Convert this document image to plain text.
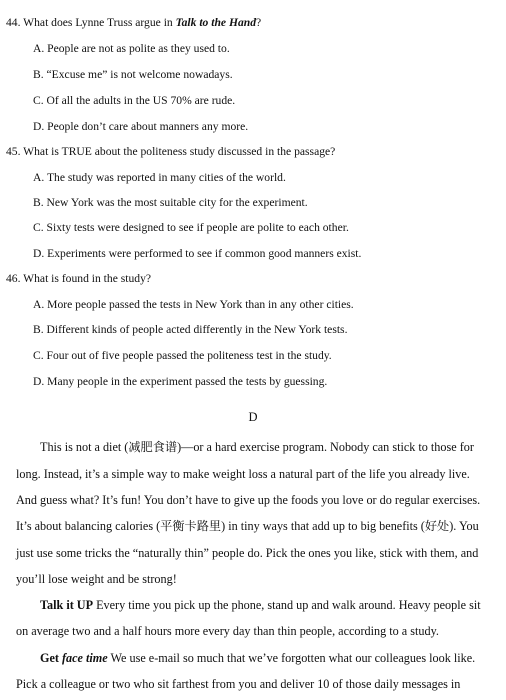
44. What does Lynne Truss argue in Talk to the Hand?
A. People are not as polite as they used to.
B. “Excuse me” is not welcome nowadays.
C. Of all the adults in the US 70% are rude.
D. People don’t care about manners any more.
45. What is TRUE about the politeness study discussed in the passage?
A. The study was reported in many cities of the world.
B. New York was the most suitable city for the experiment.
C. Sixty tests were designed to see if people are polite to each other.
D. Experiments were performed to see if common good manners exist.
46. What is found in the study?
A. More people passed the tests in New York than in any other cities.
B. Different kinds of people acted differently in the New York tests.
C. Four out of five people passed the politeness test in the study.
D. Many people in the experiment passed the tests by guessing.
D
This is not a diet (减肥食谱)—or a hard exercise program. Nobody can stick to those for
long. Instead, it’s a simple way to make weight loss a natural part of the life you already live.
And guess what? It’s fun! You don’t have to give up the foods you love or do regular exercises.
It’s about balancing calories (平衡卡路里) in tiny ways that add up to big benefits (好处). You
just use some tricks the “naturally thin” people do. Pick the ones you like, stick with them, and
you’ll lose weight and be strong!
Talk it UP Every time you pick up the phone, stand up and walk around. Heavy people sit
on average two and a half hours more every day than thin people, according to a study.
Get face time We use e-mail so much that we’ve forgotten what our colleagues look like.
Pick a colleague or two who sit farthest from you and deliver 10 of those daily messages in
